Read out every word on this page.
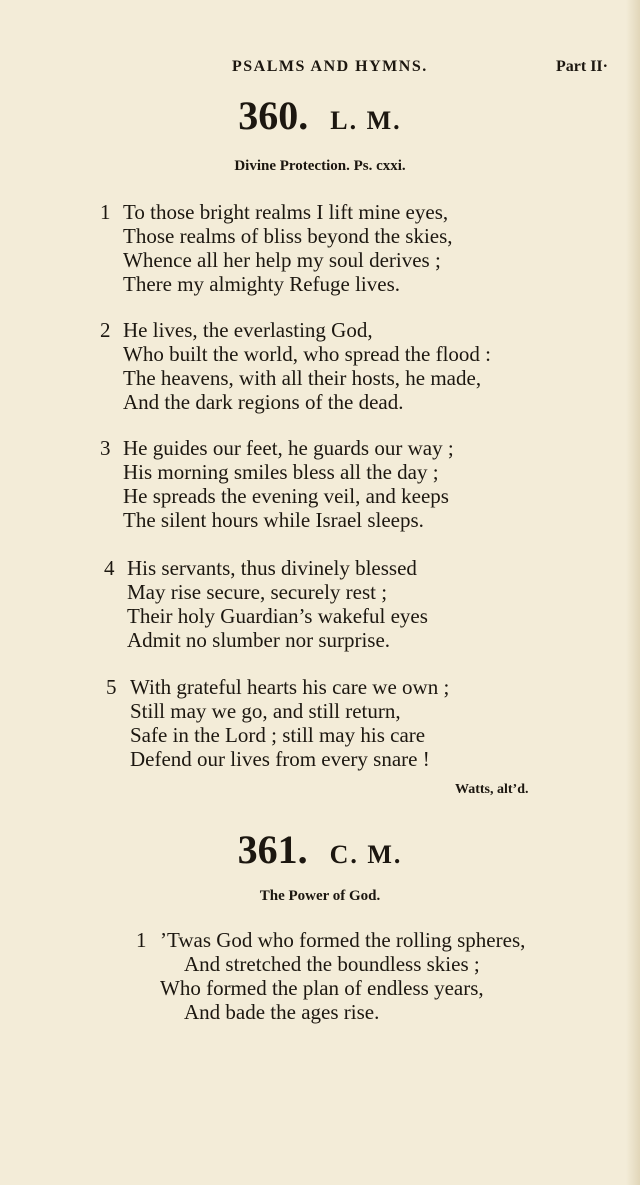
PSALMS AND HYMNS.	Part II·
360. L. M.
Divine Protection. Ps. cxxi.
1 To those bright realms I lift mine eyes,
Those realms of bliss beyond the skies,
Whence all her help my soul derives ;
There my almighty Refuge lives.
2 He lives, the everlasting God,
Who built the world, who spread the flood :
The heavens, with all their hosts, he made,
And the dark regions of the dead.
3 He guides our feet, he guards our way ;
His morning smiles bless all the day ;
He spreads the evening veil, and keeps
The silent hours while Israel sleeps.
4 His servants, thus divinely blessed
May rise secure, securely rest ;
Their holy Guardian’s wakeful eyes
Admit no slumber nor surprise.
5 With grateful hearts his care we own ;
Still may we go, and still return,
Safe in the Lord ; still may his care
Defend our lives from every snare !
Watts, alt’d.
361. C. M.
The Power of God.
1 ’Twas God who formed the rolling spheres,
And stretched the boundless skies ;
Who formed the plan of endless years,
And bade the ages rise.
